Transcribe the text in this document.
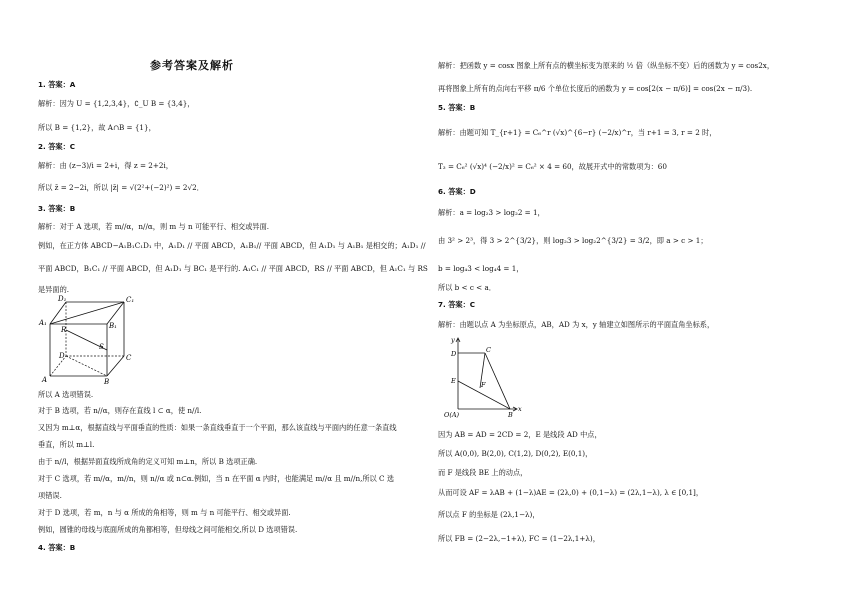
参考答案及解析
D₁	C₁
A₁	B₁
R
S
D	C
A	B
1. 答案：A
解析：因为 U = {1,2,3,4}，∁_U B = {3,4}，
所以 B = {1,2}，故 A∩B = {1}，
2. 答案：C
解析：由 (z−3)/i = 2+i，得 z = 2+2i，
所以 z̄ = 2−2i，所以 |z̄| = √(2²+(−2)²) = 2√2．
3. 答案：B
解析：对于 A 选项，若 m//α，n//α，则 m 与 n 可能平行、相交或异面.
例如，在正方体 ABCD−A₁B₁C₁D₁ 中，A₁D₁ // 平面 ABCD，A₁B₁// 平面 ABCD，但 A₁D₁ 与 A₁B₁ 是相交的；A₁D₁ //
平面 ABCD，B₁C₁ // 平面 ABCD，但 A₁D₁ 与 BC₁ 是平行的. A₁C₁ // 平面 ABCD，RS // 平面 ABCD，但 A₁C₁ 与 RS
是异面的.
所以 A 选项错误.
对于 B 选项，若 n//α，则存在直线 l ⊂ α，使 n//l.
又因为 m⊥α，根据直线与平面垂直的性质：如果一条直线垂直于一个平面，那么该直线与平面内的任意一条直线
垂直，所以 m⊥l.
由于 n//l，根据异面直线所成角的定义可知 m⊥n，所以 B 选项正确.
对于 C 选项，若 m//α，m//n，则 n//α 或 n⊂α.例如，当 n 在平面 α 内时，也能满足 m//α 且 m//n,所以 C 选
项错误.
对于 D 选项，若 m，n 与 α 所成的角相等，则 m 与 n 可能平行、相交或异面.
例如，圆锥的母线与底面所成的角都相等，但母线之间可能相交,所以 D 选项错误.
4. 答案：B
y
x
D	C
E	F
O(A)	B
解析：把函数 y = cosx 图象上所有点的横坐标变为原来的 ½ 倍（纵坐标不变）后的函数为 y = cos2x，
再将图象上所有的点向右平移 π/6 个单位长度后的函数为 y = cos[2(x − π/6)] = cos(2x − π/3).
5. 答案：B
解析：由题可知 T_{r+1} = C₆^r (√x)^{6−r} (−2/x)^r，当 r+1 = 3, r = 2 时，
T₃ = C₆² (√x)⁴ (−2/x)² = C₆² × 4 = 60，故展开式中的常数项为：60
6. 答案：D
解析：a = log₂3 > log₂2 = 1，
由 3² > 2³，得 3 > 2^{3/2}，则 log₂3 > log₂2^{3/2} = 3/2，即 a > c > 1；
b = log₄3 < log₄4 = 1，
所以 b < c < a．
7. 答案：C
解析：由题以点 A 为坐标原点，AB，AD 为 x，y 轴建立如图所示的平面直角坐标系，
因为 AB = AD = 2CD = 2，E 是线段 AD 中点，
所以 A(0,0), B(2,0), C(1,2), D(0,2), E(0,1)，
而 F 是线段 BE 上的动点，
从而可设 AF = λAB + (1−λ)AE = (2λ,0) + (0,1−λ) = (2λ,1−λ), λ ∈ [0,1]，
所以点 F 的坐标是 (2λ,1−λ)，
所以 FB = (2−2λ,−1+λ), FC = (1−2λ,1+λ)，
